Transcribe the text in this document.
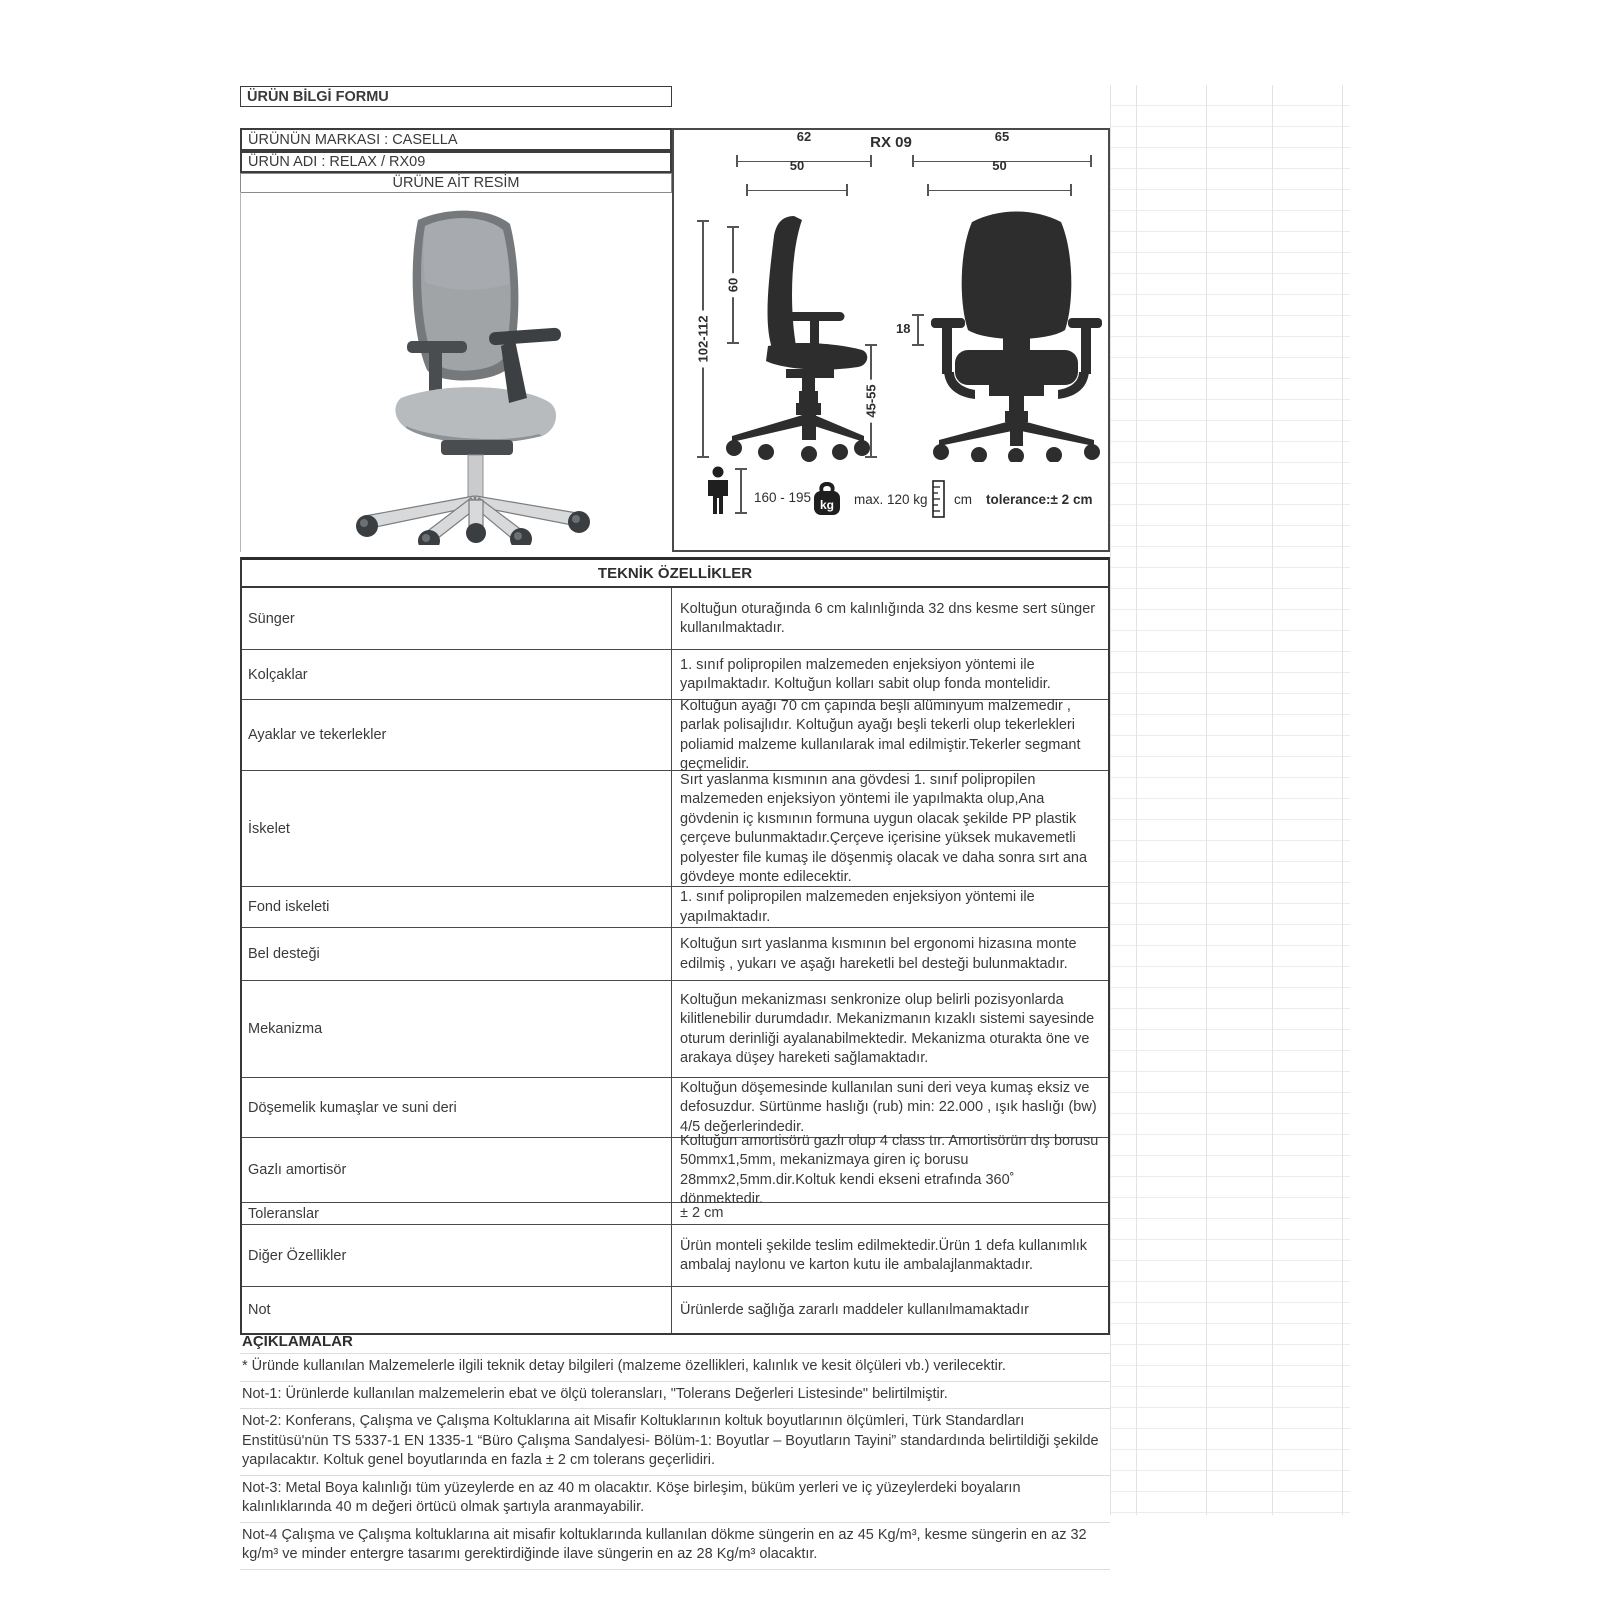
ÜRÜN BİLGİ FORMU
ÜRÜNÜN MARKASI : CASELLA
ÜRÜN ADI : RELAX / RX09
ÜRÜNE AİT RESİM
RX 09
62
50
65
50
102-112
60
45-55
18
160 - 195 kg max. 120 kg cm tolerance:± 2 cm
TEKNİK ÖZELLİKLER
Sünger
Koltuğun oturağında 6 cm kalınlığında 32 dns kesme sert sünger kullanılmaktadır.
Kolçaklar
1. sınıf polipropilen malzemeden enjeksiyon yöntemi ile yapılmaktadır. Koltuğun kolları sabit olup fonda montelidir.
Ayaklar ve tekerlekler
Koltuğun ayağı 70 cm çapında beşli alüminyum malzemedir , parlak polisajlıdır. Koltuğun ayağı beşli tekerli olup tekerlekleri poliamid malzeme kullanılarak imal edilmiştir.Tekerler segmant geçmelidir.
İskelet
Sırt yaslanma kısmının ana gövdesi 1. sınıf polipropilen malzemeden enjeksiyon yöntemi ile yapılmakta olup,Ana gövdenin iç kısmının formuna uygun olacak şekilde PP plastik çerçeve bulunmaktadır.Çerçeve içerisine yüksek mukavemetli polyester file kumaş ile döşenmiş olacak ve daha sonra sırt ana gövdeye monte edilecektir.
Fond iskeleti
1. sınıf polipropilen malzemeden enjeksiyon yöntemi ile yapılmaktadır.
Bel desteği
Koltuğun sırt yaslanma kısmının bel ergonomi hizasına monte edilmiş , yukarı ve aşağı hareketli bel desteği bulunmaktadır.
Mekanizma
Koltuğun mekanizması senkronize olup belirli pozisyonlarda kilitlenebilir durumdadır. Mekanizmanın kızaklı sistemi sayesinde oturum derinliği ayalanabilmektedir. Mekanizma oturakta öne ve arakaya düşey hareketi sağlamaktadır.
Döşemelik kumaşlar ve suni deri
Koltuğun döşemesinde kullanılan suni deri veya kumaş eksiz ve defosuzdur. Sürtünme haslığı (rub) min: 22.000 , ışık haslığı (bw) 4/5 değerlerindedir.
Gazlı amortisör
Koltuğun amortisörü gazlı olup 4 class tır. Amortisörün dış borusu 50mmx1,5mm, mekanizmaya giren iç borusu 28mmx2,5mm.dir.Koltuk kendi ekseni etrafında 360˚ dönmektedir.
Toleranslar	± 2 cm
Diğer Özellikler
Ürün monteli şekilde teslim edilmektedir.Ürün 1 defa kullanımlık ambalaj naylonu ve karton kutu ile ambalajlanmaktadır.
Not	Ürünlerde sağlığa zararlı maddeler kullanılmamaktadır
AÇIKLAMALAR
* Üründe kullanılan Malzemelerle ilgili teknik detay bilgileri (malzeme özellikleri, kalınlık ve kesit ölçüleri vb.) verilecektir.
Not-1: Ürünlerde kullanılan malzemelerin ebat ve ölçü toleransları, "Tolerans Değerleri Listesinde" belirtilmiştir.
Not-2: Konferans, Çalışma ve Çalışma Koltuklarına ait Misafir Koltuklarının koltuk boyutlarının ölçümleri, Türk Standardları Enstitüsü'nün TS 5337-1 EN 1335-1 “Büro Çalışma Sandalyesi- Bölüm-1: Boyutlar – Boyutların Tayini” standardında belirtildiği şekilde yapılacaktır. Koltuk genel boyutlarında en fazla ± 2 cm tolerans geçerlidiri.
Not-3: Metal Boya kalınlığı tüm yüzeylerde en az 40 m olacaktır. Köşe birleşim, büküm yerleri ve iç yüzeylerdeki boyaların kalınlıklarında 40 m değeri örtücü olmak şartıyla aranmayabilir.
Not-4 Çalışma ve Çalışma koltuklarına ait misafir koltuklarında kullanılan dökme süngerin en az 45 Kg/m³, kesme süngerin en az 32 kg/m³ ve minder entergre tasarımı gerektirdiğinde ilave süngerin en az 28 Kg/m³ olacaktır.
